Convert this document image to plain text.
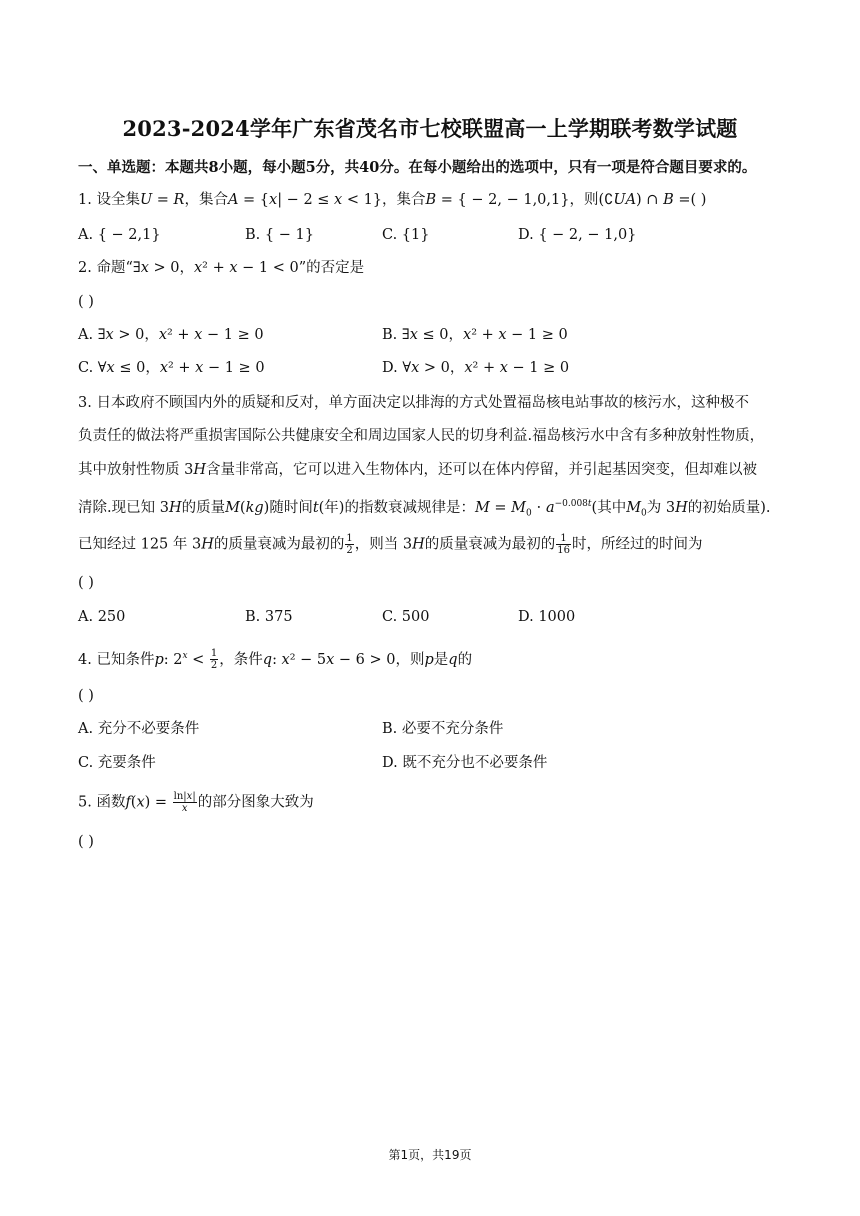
2023-2024学年广东省茂名市七校联盟高一上学期联考数学试题
一、单选题：本题共8小题，每小题5分，共40分。在每小题给出的选项中，只有一项是符合题目要求的。
1. 设全集𝑈 = 𝑅，集合𝐴 = {𝑥| − 2 ≤ 𝑥 < 1}，集合𝐵 = { − 2, − 1,0,1}，则(∁𝑈𝐴) ∩ 𝐵 =( )
A. { − 2,1}	B. { − 1}	C. {1}	D. { − 2, − 1,0}
2. 命题“∃𝑥 > 0，𝑥² + 𝑥 − 1 < 0”的否定是
( )
A. ∃𝑥 > 0，𝑥² + 𝑥 − 1 ≥ 0	B. ∃𝑥 ≤ 0，𝑥² + 𝑥 − 1 ≥ 0
C. ∀𝑥 ≤ 0，𝑥² + 𝑥 − 1 ≥ 0	D. ∀𝑥 > 0，𝑥² + 𝑥 − 1 ≥ 0
3. 日本政府不顾国内外的质疑和反对，单方面决定以排海的方式处置福岛核电站事故的核污水，这种极不
负责任的做法将严重损害国际公共健康安全和周边国家人民的切身利益.福岛核污水中含有多种放射性物质，
其中放射性物质 3𝐻含量非常高，它可以进入生物体内，还可以在体内停留，并引起基因突变，但却难以被
清除.现已知 3𝐻的质量𝑀(𝑘𝑔)随时间𝑡(年)的指数衰减规律是：𝑀 = 𝑀$_0$ ⋅ 𝑎$^{-0.008𝑡}$(其中𝑀$_0$为 3𝐻的初始质量).
已知经过 125 年 3𝐻的质量衰减为最初的 $\frac{1}{2}$ ，则当 3𝐻的质量衰减为最初的 $\frac{1}{16}$ 时，所经过的时间为
( )
A. 250	B. 375	C. 500	D. 1000
4. 已知条件𝑝: $2^𝑥 < \frac{1}{2}$ ，条件𝑞: 𝑥² − 5𝑥 − 6 > 0，则𝑝是𝑞的
( )
A. 充分不必要条件	B. 必要不充分条件
C. 充要条件	D. 既不充分也不必要条件
5. 函数𝑓(𝑥) = $\frac{\text{ln|𝑥|}}{\text{𝑥}}$ 的部分图象大致为
( )
第1页，共19页
